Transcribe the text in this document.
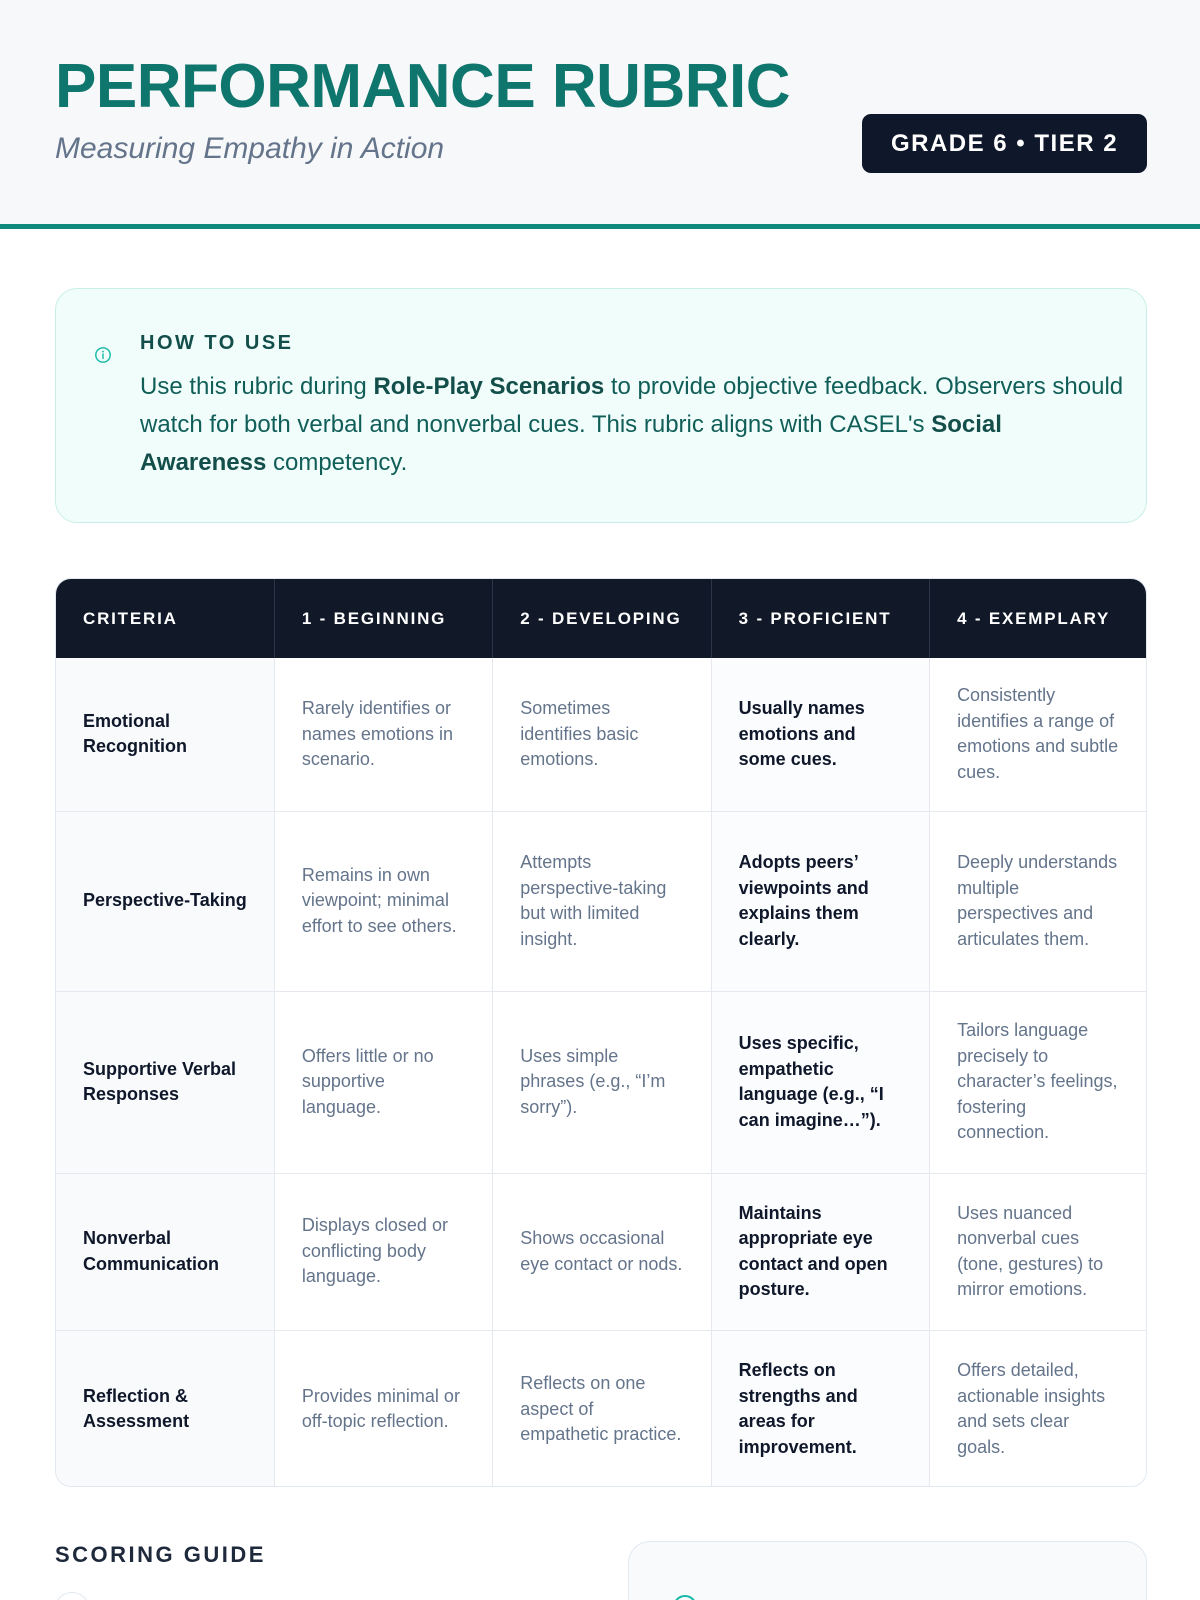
PERFORMANCE RUBRIC
Measuring Empathy in Action	GRADE 6 • TIER 2
HOW TO USE
Use this rubric during Role-Play Scenarios to provide objective feedback. Observers should watch for both verbal and nonverbal cues. This rubric aligns with CASEL's Social Awareness competency.
CRITERIA	1 - BEGINNING	2 - DEVELOPING	3 - PROFICIENT	4 - EXEMPLARY
Emotional Recognition	Rarely identifies or names emotions in scenario.	Sometimes identifies basic emotions.	Usually names emotions and some cues.	Consistently identifies a range of emotions and subtle cues.
Perspective-Taking	Remains in own viewpoint; minimal effort to see others.	Attempts perspective-taking but with limited insight.	Adopts peers’ viewpoints and explains them clearly.	Deeply understands multiple perspectives and articulates them.
Supportive Verbal Responses	Offers little or no supportive language.	Uses simple phrases (e.g., “I’m sorry”).	Uses specific, empathetic language (e.g., “I can imagine…”).	Tailors language precisely to character’s feelings, fostering connection.
Nonverbal Communication	Displays closed or conflicting body language.	Shows occasional eye contact or nods.	Maintains appropriate eye contact and open posture.	Uses nuanced nonverbal cues (tone, gestures) to mirror emotions.
Reflection & Assessment	Provides minimal or off-topic reflection.	Reflects on one aspect of empathetic practice.	Reflects on strengths and areas for improvement.	Offers detailed, actionable insights and sets clear goals.
SCORING GUIDE
